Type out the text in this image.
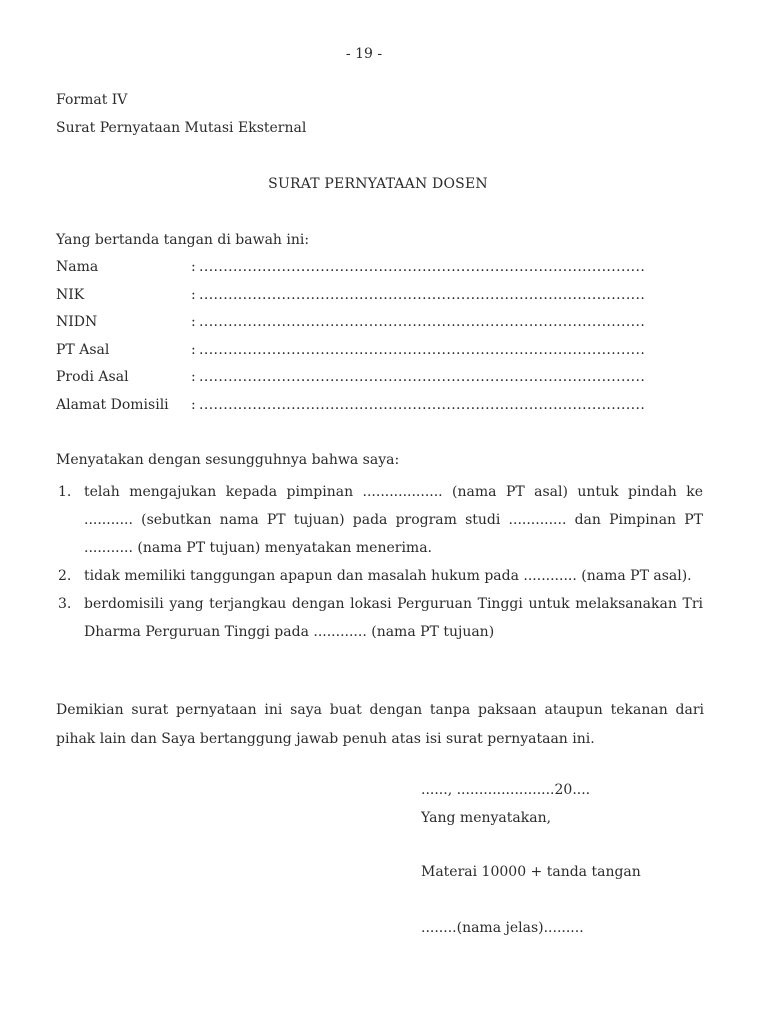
- 19 -
Format IV
Surat Pernyataan Mutasi Eksternal
SURAT PERNYATAAN DOSEN
Yang bertanda tangan di bawah ini:
Nama	: ............................................................................................
NIK	: ............................................................................................
NIDN	: ............................................................................................
PT Asal	: ............................................................................................
Prodi Asal	: ............................................................................................
Alamat Domisili	: ............................................................................................
Menyatakan dengan sesungguhnya bahwa saya:
1. telah mengajukan kepada pimpinan .................. (nama PT asal) untuk pindah ke ........... (sebutkan nama PT tujuan) pada program studi ............. dan Pimpinan PT ........... (nama PT tujuan) menyatakan menerima.
2. tidak memiliki tanggungan apapun dan masalah hukum pada ............ (nama PT asal).
3. berdomisili yang terjangkau dengan lokasi Perguruan Tinggi untuk melaksanakan Tri Dharma Perguruan Tinggi pada ............ (nama PT tujuan)
Demikian surat pernyataan ini saya buat dengan tanpa paksaan ataupun tekanan dari pihak lain dan Saya bertanggung jawab penuh atas isi surat pernyataan ini.
......, ......................20....
Yang menyatakan,
Materai 10000 + tanda tangan
........(nama jelas).........
